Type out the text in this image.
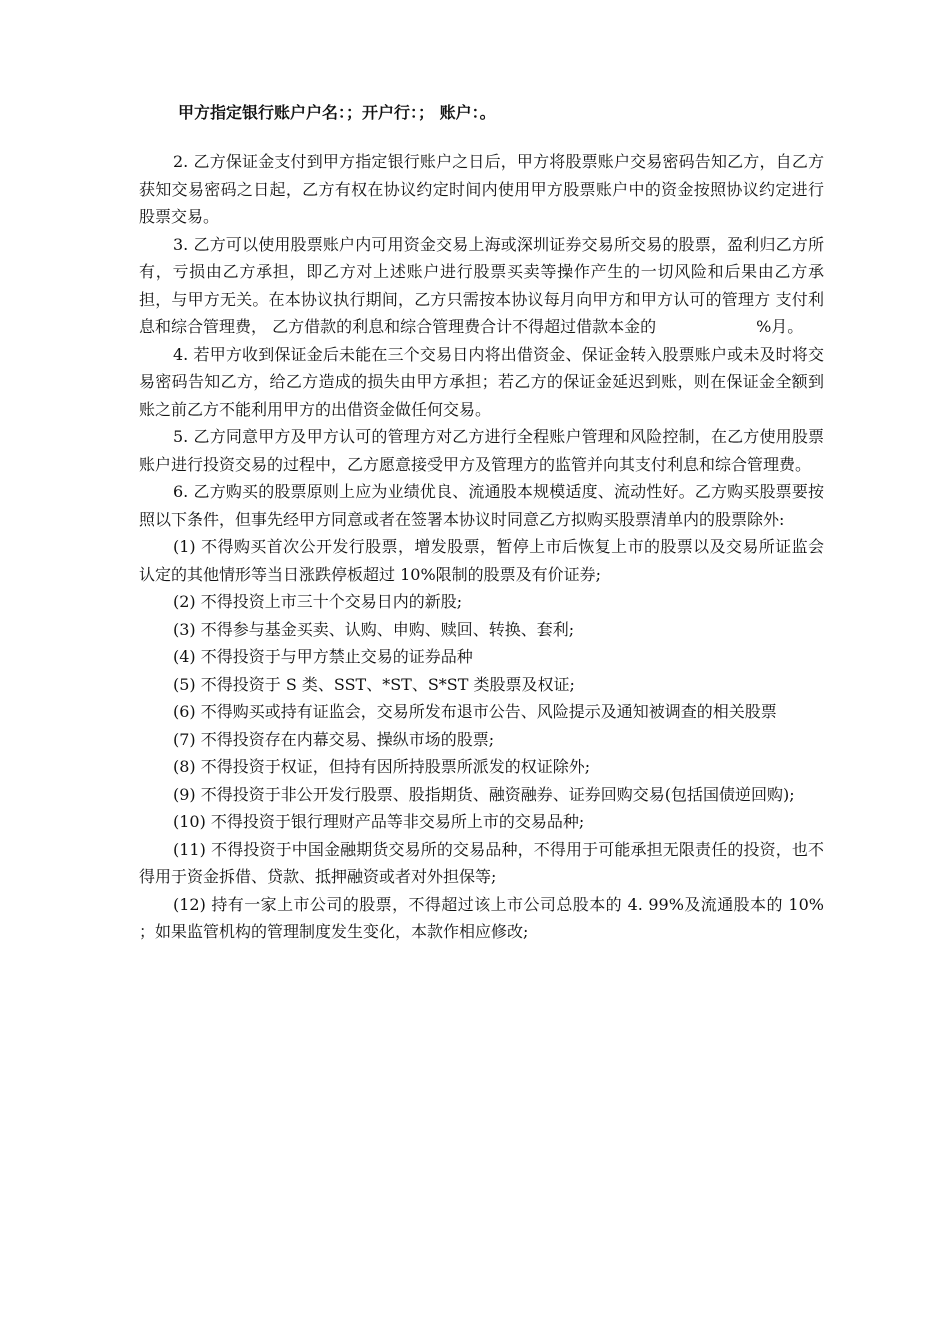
甲方指定银行账户户名：；开户行：； 账户：。

2. 乙方保证金支付到甲方指定银行账户之日后，甲方将股票账户交易密码告知乙方，自乙方获知交易密码之日起，乙方有权在协议约定时间内使用甲方股票账户中的资金按照协议约定进行股票交易。

3. 乙方可以使用股票账户内可用资金交易上海或深圳证券交易所交易的股票，盈利归乙方所有，亏损由乙方承担，即乙方对上述账户进行股票买卖等操作产生的一切风险和后果由乙方承担，与甲方无关。在本协议执行期间，乙方只需按本协议每月向甲方和甲方认可的管理方 支付利息和综合管理费， 乙方借款的利息和综合管理费合计不得超过借款本金的	%月。

4. 若甲方收到保证金后未能在三个交易日内将出借资金、保证金转入股票账户或未及时将交易密码告知乙方，给乙方造成的损失由甲方承担；若乙方的保证金延迟到账，则在保证金全额到账之前乙方不能利用甲方的出借资金做任何交易。

5. 乙方同意甲方及甲方认可的管理方对乙方进行全程账户管理和风险控制，在乙方使用股票账户进行投资交易的过程中，乙方愿意接受甲方及管理方的监管并向其支付利息和综合管理费。

6. 乙方购买的股票原则上应为业绩优良、流通股本规模适度、流动性好。乙方购买股票要按照以下条件，但事先经甲方同意或者在签署本协议时同意乙方拟购买股票清单内的股票除外:

(1) 不得购买首次公开发行股票，增发股票，暂停上市后恢复上市的股票以及交易所证监会认定的其他情形等当日涨跌停板超过 10%限制的股票及有价证券;

(2) 不得投资上市三十个交易日内的新股;

(3) 不得参与基金买卖、认购、申购、赎回、转换、套利;

(4) 不得投资于与甲方禁止交易的证券品种

(5) 不得投资于 S 类、SST、*ST、S*ST 类股票及权证;

(6) 不得购买或持有证监会，交易所发布退市公告、风险提示及通知被调查的相关股票

(7) 不得投资存在内幕交易、操纵市场的股票;

(8) 不得投资于权证，但持有因所持股票所派发的权证除外;

(9) 不得投资于非公开发行股票、股指期货、融资融券、证券回购交易(包括国债逆回购);

(10) 不得投资于银行理财产品等非交易所上市的交易品种;

(11) 不得投资于中国金融期货交易所的交易品种，不得用于可能承担无限责任的投资，也不得用于资金拆借、贷款、抵押融资或者对外担保等;

(12) 持有一家上市公司的股票，不得超过该上市公司总股本的 4. 99%及流通股本的 10% ；如果监管机构的管理制度发生变化，本款作相应修改;
